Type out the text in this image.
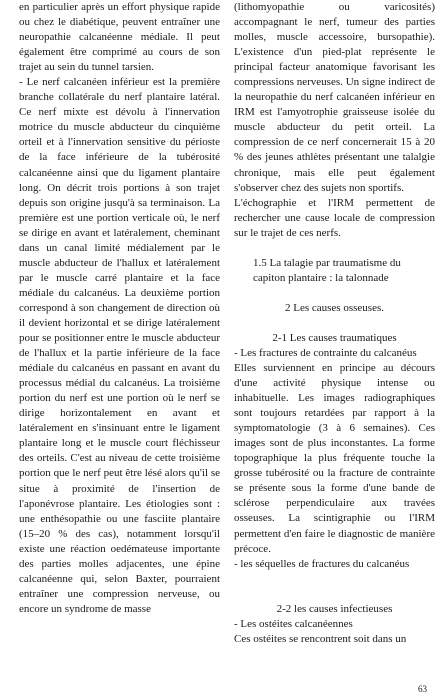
en particulier après un effort physique rapide ou chez le diabétique, peuvent entraîner une neuropathie calcanéenne médiale. Il peut également être comprimé au cours de son trajet au sein du tunnel tarsien.

- Le nerf calcanéen inférieur est la première branche collatérale du nerf plantaire latéral. Ce nerf mixte est dévolu à l'innervation motrice du muscle abducteur du cinquième orteil et à l'innervation sensitive du périoste de la face inférieure de la tubérosité calcanéenne ainsi que du ligament plantaire long. On décrit trois portions à son trajet depuis son origine jusqu'à sa terminaison. La première est une portion verticale où, le nerf se dirige en avant et latéralement, cheminant dans un canal limité médialement par le muscle abducteur de l'hallux et latéralement par le muscle carré plantaire et la face médiale du calcanéus. La deuxième portion correspond à son changement de direction où il devient horizontal et se dirige latéralement pour se positionner entre le muscle abducteur de l'hallux et la partie inférieure de la face médiale du calcanéus en passant en avant du processus médial du calcanéus. La troisième portion du nerf est une portion où le nerf se dirige horizontalement en avant et latéralement en s'insinuant entre le ligament plantaire long et le muscle court fléchisseur des orteils. C'est au niveau de cette troisième portion que le nerf peut être lésé alors qu'il se situe à proximité de l'insertion de l'aponévrose plantaire. Les étiologies sont : une enthésopathie ou une fasciite plantaire (15–20 % des cas), notamment lorsqu'il existe une réaction oedémateuse importante des parties molles adjacentes, une épine calcanéenne qui, selon Baxter, pourraient entraîner une compression nerveuse, ou encore un syndrome de masse

(lithomyopathie ou varicosités) accompagnant le nerf, tumeur des parties molles, muscle accessoire, bursopathie). L'existence d'un pied-plat représente le principal facteur anatomique favorisant les compressions nerveuses. Un signe indirect de la neuropathie du nerf calcanéen inférieur en IRM est l'amyotrophie graisseuse isolée du muscle abducteur du petit orteil. La compression de ce nerf concernerait 15 à 20 % des jeunes athlètes présentant une talalgie chronique, mais elle peut également s'observer chez des sujets non sportifs.

L'échographie et l'IRM permettent de rechercher une cause locale de compression sur le trajet de ces nerfs.

1.5 La talagie par traumatisme du capiton plantaire : la talonnade

2 Les causes osseuses.

2-1 Les causes traumatiques

- Les fractures de contrainte du calcanéus

Elles surviennent en principe au décours d'une activité physique intense ou inhabituelle. Les images radiographiques sont toujours retardées par rapport à la symptomatologie (3 à 6 semaines). Ces images sont de plus inconstantes. La forme topographique la plus fréquente touche la grosse tubérosité ou la fracture de contrainte se présente sous la forme d'une bande de sclérose perpendiculaire aux travées osseuses. La scintigraphie ou l'IRM permettent d'en faire le diagnostic de manière précoce.

- les séquelles de fractures du calcanéus

2-2 les causes infectieuses

- Les ostéites calcanéennes

Ces ostéites se rencontrent soit dans un

63
